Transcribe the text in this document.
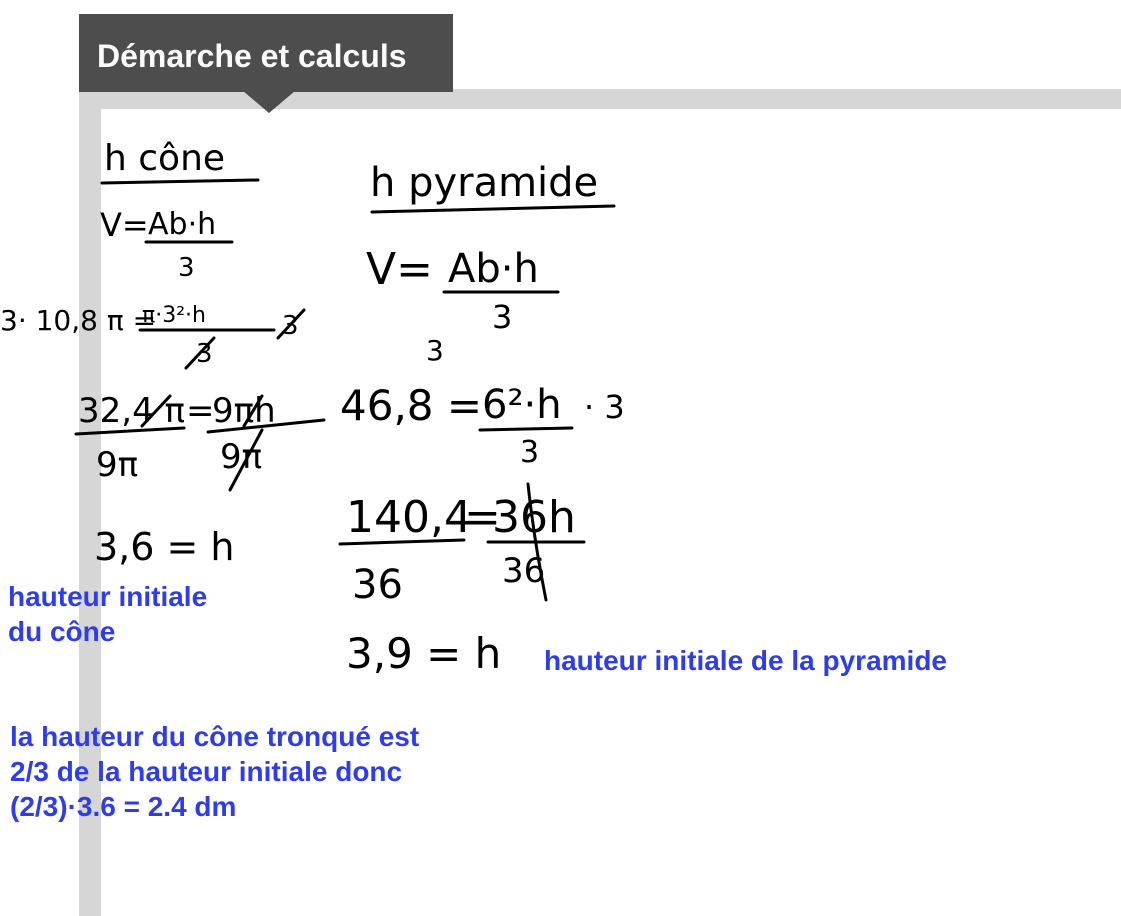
Démarche et calculs
h cône
V= Ab·h
3
3· 10,8 π =
π·3²·h
3
3
32,4 π =
9πh
9π 9π
3,6 = h
h pyramide
V= Ab·h
3
3
46,8 = 6²·h
3
· 3
140,4
=
36h
36	36
3,9 = h
hauteur initiale
du cône
hauteur initiale de la pyramide
la hauteur du cône tronqué est
2/3 de la hauteur initiale donc
(2/3)·3.6 = 2.4 dm
